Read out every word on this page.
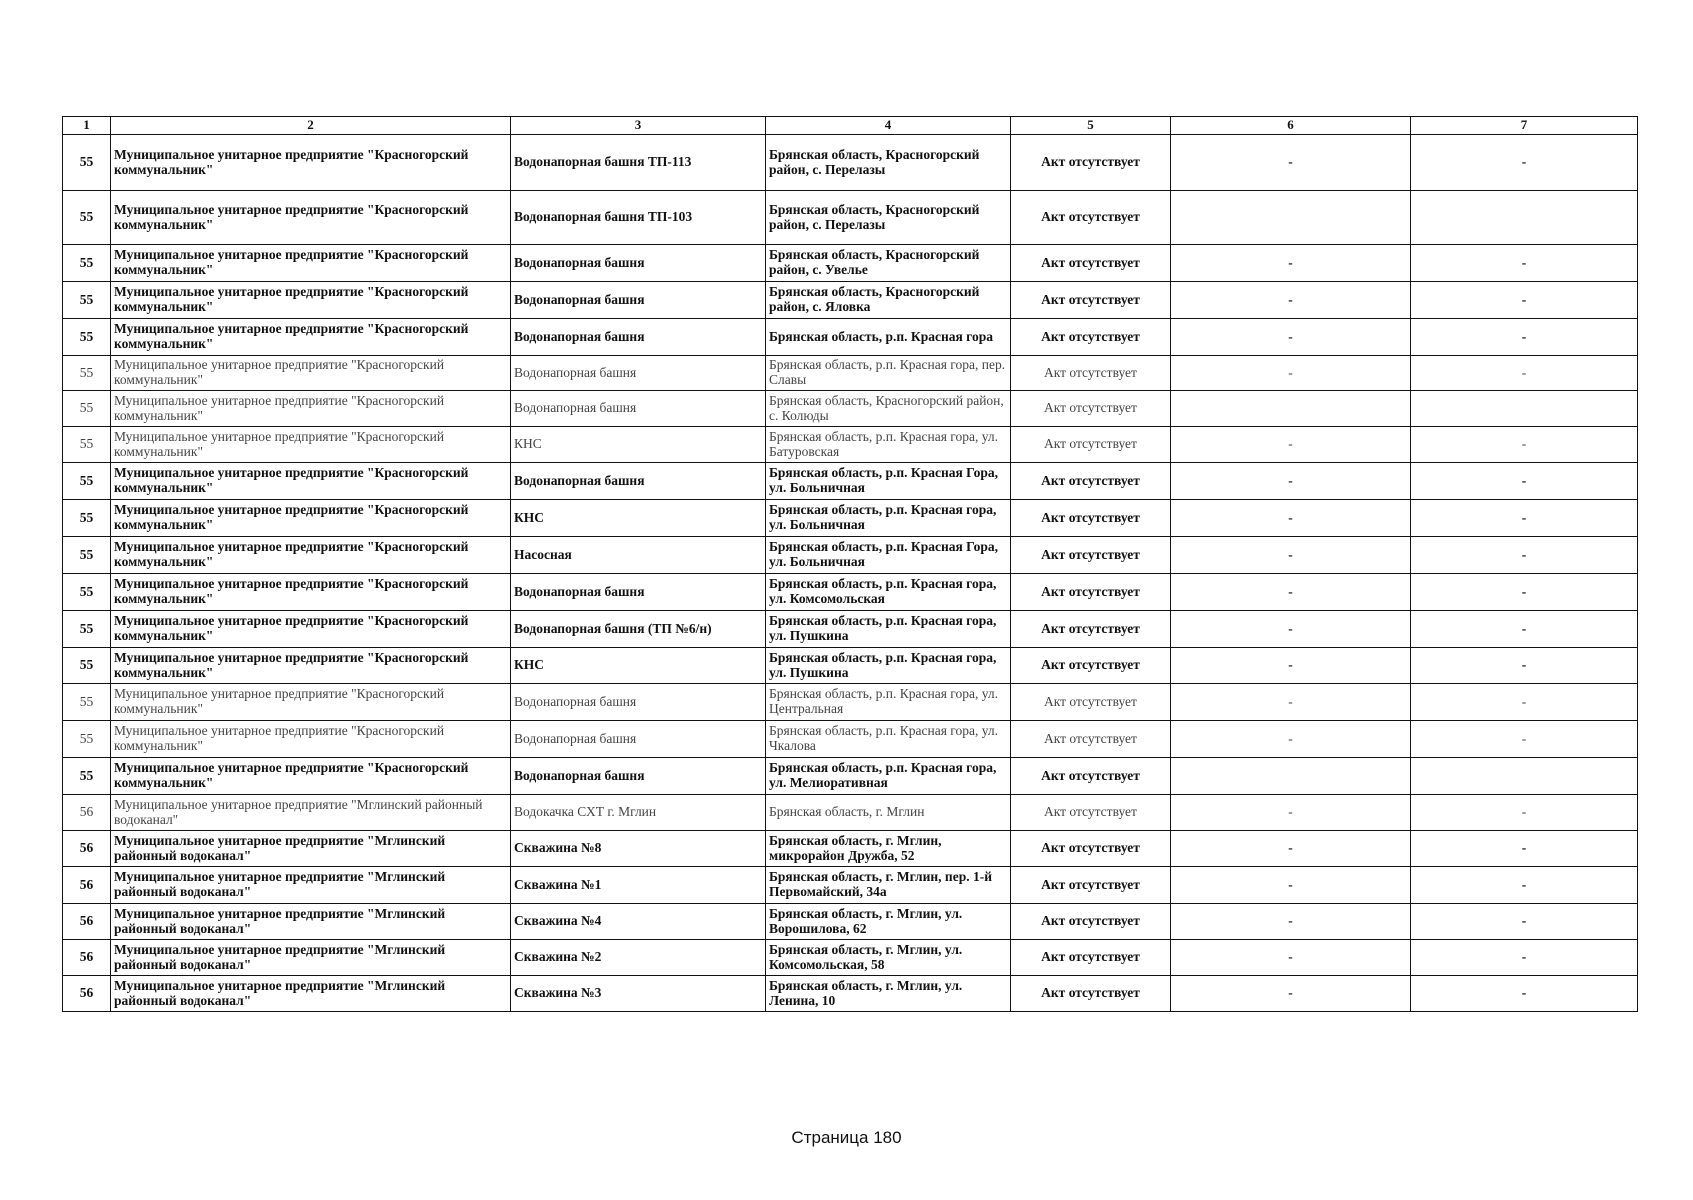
1	2	3	4	5	6	7
55	Муниципальное унитарное предприятие "Красногорский коммунальник"	Водонапорная башня ТП-113	Брянская область, Красногорский район, с. Перелазы	Акт отсутствует	-	-
55	Муниципальное унитарное предприятие "Красногорский коммунальник"	Водонапорная башня ТП-103	Брянская область, Красногорский район, с. Перелазы	Акт отсутствует		
55	Муниципальное унитарное предприятие "Красногорский коммунальник"	Водонапорная башня	Брянская область, Красногорский район, с. Увелье	Акт отсутствует	-	-
55	Муниципальное унитарное предприятие "Красногорский коммунальник"	Водонапорная башня	Брянская область, Красногорский район, с. Яловка	Акт отсутствует	-	-
55	Муниципальное унитарное предприятие "Красногорский коммунальник"	Водонапорная башня	Брянская область, р.п. Красная гора	Акт отсутствует	-	-
55	Муниципальное унитарное предприятие "Красногорский коммунальник"	Водонапорная башня	Брянская область, р.п. Красная гора, пер. Славы	Акт отсутствует	-	-
55	Муниципальное унитарное предприятие "Красногорский коммунальник"	Водонапорная башня	Брянская область, Красногорский район, с. Колюды	Акт отсутствует		
55	Муниципальное унитарное предприятие "Красногорский коммунальник"	КНС	Брянская область, р.п. Красная гора, ул. Батуровская	Акт отсутствует	-	-
55	Муниципальное унитарное предприятие "Красногорский коммунальник"	Водонапорная башня	Брянская область, р.п. Красная Гора, ул. Больничная	Акт отсутствует	-	-
55	Муниципальное унитарное предприятие "Красногорский коммунальник"	КНС	Брянская область, р.п. Красная гора, ул. Больничная	Акт отсутствует	-	-
55	Муниципальное унитарное предприятие "Красногорский коммунальник"	Насосная	Брянская область, р.п. Красная Гора, ул. Больничная	Акт отсутствует	-	-
55	Муниципальное унитарное предприятие "Красногорский коммунальник"	Водонапорная башня	Брянская область, р.п. Красная гора, ул. Комсомольская	Акт отсутствует	-	-
55	Муниципальное унитарное предприятие "Красногорский коммунальник"	Водонапорная башня (ТП №6/н)	Брянская область, р.п. Красная гора, ул. Пушкина	Акт отсутствует	-	-
55	Муниципальное унитарное предприятие "Красногорский коммунальник"	КНС	Брянская область, р.п. Красная гора, ул. Пушкина	Акт отсутствует	-	-
55	Муниципальное унитарное предприятие "Красногорский коммунальник"	Водонапорная башня	Брянская область, р.п. Красная гора, ул. Центральная	Акт отсутствует	-	-
55	Муниципальное унитарное предприятие "Красногорский коммунальник"	Водонапорная башня	Брянская область, р.п. Красная гора, ул. Чкалова	Акт отсутствует	-	-
55	Муниципальное унитарное предприятие "Красногорский коммунальник"	Водонапорная башня	Брянская область, р.п. Красная гора, ул. Мелиоративная	Акт отсутствует		
56	Муниципальное унитарное предприятие "Мглинский районный водоканал"	Водокачка СХТ г. Мглин	Брянская область, г. Мглин	Акт отсутствует	-	-
56	Муниципальное унитарное предприятие "Мглинский районный водоканал"	Скважина №8	Брянская область, г. Мглин, микрорайон Дружба, 52	Акт отсутствует	-	-
56	Муниципальное унитарное предприятие "Мглинский районный водоканал"	Скважина №1	Брянская область, г. Мглин, пер. 1-й Первомайский, 34а	Акт отсутствует	-	-
56	Муниципальное унитарное предприятие "Мглинский районный водоканал"	Скважина №4	Брянская область, г. Мглин, ул. Ворошилова, 62	Акт отсутствует	-	-
56	Муниципальное унитарное предприятие "Мглинский районный водоканал"	Скважина №2	Брянская область, г. Мглин, ул. Комсомольская, 58	Акт отсутствует	-	-
56	Муниципальное унитарное предприятие "Мглинский районный водоканал"	Скважина №3	Брянская область, г. Мглин, ул. Ленина, 10	Акт отсутствует	-	-
Страница 180
